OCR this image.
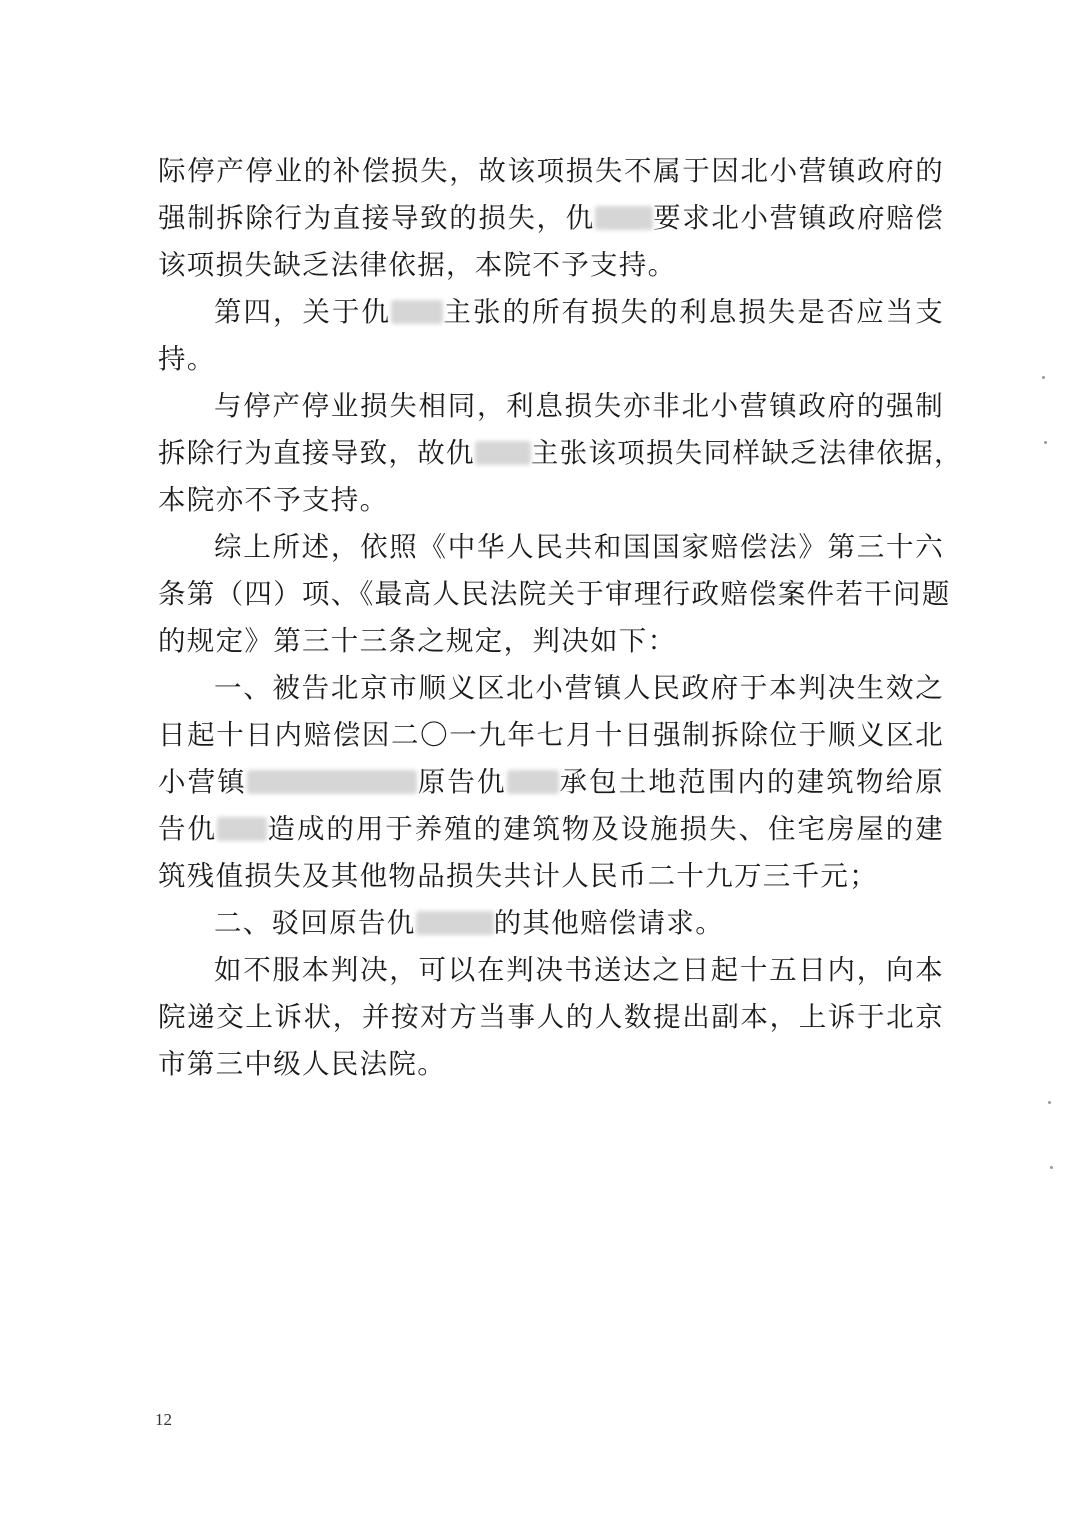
际停产停业的补偿损失，故该项损失不属于因北小营镇政府的
强制拆除行为直接导致的损失，仇 要求北小营镇政府赔偿
该项损失缺乏法律依据，本院不予支持。
第四，关于仇 主张的所有损失的利息损失是否应当支
持。
与停产停业损失相同，利息损失亦非北小营镇政府的强制
拆除行为直接导致，故仇 主张该项损失同样缺乏法律依据，
本院亦不予支持。
综上所述，依照《中华人民共和国国家赔偿法》第三十六
条第（四）项、《最高人民法院关于审理行政赔偿案件若干问题
的规定》第三十三条之规定，判决如下：
一、被告北京市顺义区北小营镇人民政府于本判决生效之
日起十日内赔偿因二〇一九年七月十日强制拆除位于顺义区北
小营镇	原告仇 承包土地范围内的建筑物给原
告仇 造成的用于养殖的建筑物及设施损失、住宅房屋的建
筑残值损失及其他物品损失共计人民币二十九万三千元；
二、驳回原告仇	的其他赔偿请求。
如不服本判决，可以在判决书送达之日起十五日内，向本
院递交上诉状，并按对方当事人的人数提出副本，上诉于北京
市第三中级人民法院。
12
